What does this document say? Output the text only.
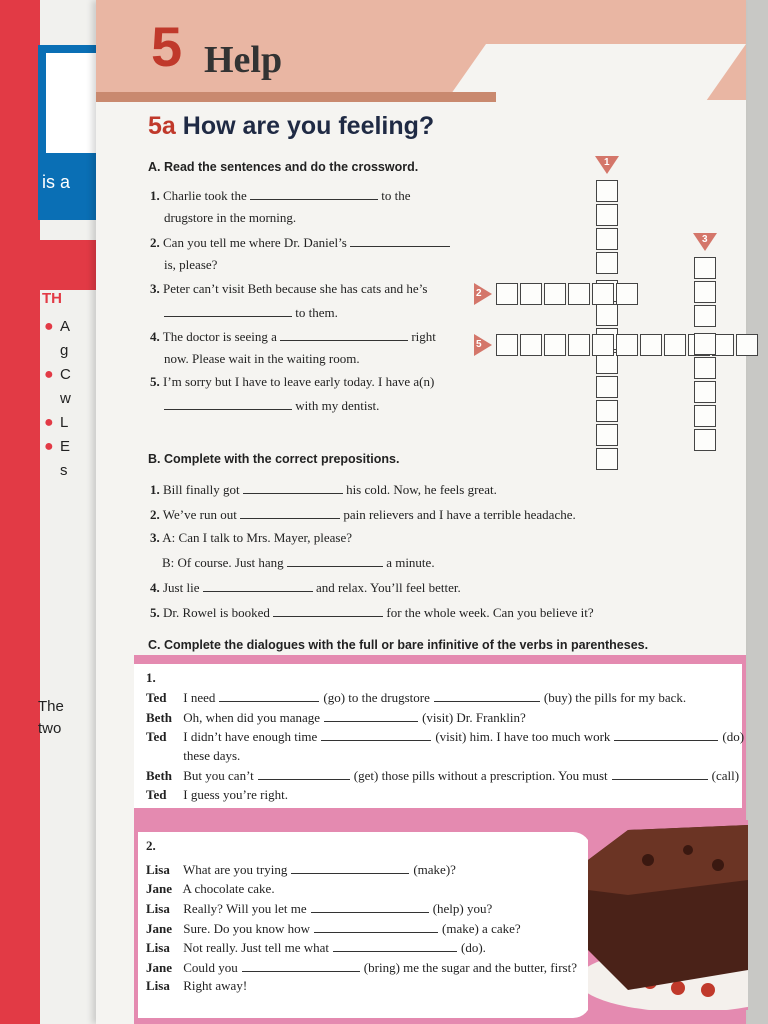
is a
TH
● A
g
● C
w
● L
● E
s
The
two
5 Help
5a How are you feeling?
A. Read the sentences and do the crossword.
1. Charlie took the	to the
drugstore in the morning.
2. Can you tell me where Dr. Daniel’s
is, please?
3. Peter can’t visit Beth because she has cats and he’s
to them.
4. The doctor is seeing a	right
now. Please wait in the waiting room.
5. I’m sorry but I have to leave early today. I have a(n)
with my dentist.
1
2
3
5
B. Complete with the correct prepositions.
1. Bill finally got	his cold. Now, he feels great.
2. We’ve run out	pain relievers and I have a terrible headache.
3. A: Can I talk to Mrs. Mayer, please?
B: Of course. Just hang	a minute.
4. Just lie	and relax. You’ll feel better.
5. Dr. Rowel is booked	for the whole week. Can you believe it?
C. Complete the dialogues with the full or bare infinitive of the verbs in parentheses.
1.
Ted I need	(go) to the drugstore	(buy) the pills for my back.
Beth Oh, when did you manage	(visit) Dr. Franklin?
Ted I didn’t have enough time	(visit) him. I have too much work	(do)
these days.
Beth But you can’t	(get) those pills without a prescription. You must	(call)
Ted I guess you’re right.
2.
Lisa What are you trying	(make)?
Jane A chocolate cake.
Lisa Really? Will you let me	(help) you?
Jane Sure. Do you know how	(make) a cake?
Lisa Not really. Just tell me what	(do).
Jane Could you	(bring) me the sugar and the butter, first?
Lisa Right away!
